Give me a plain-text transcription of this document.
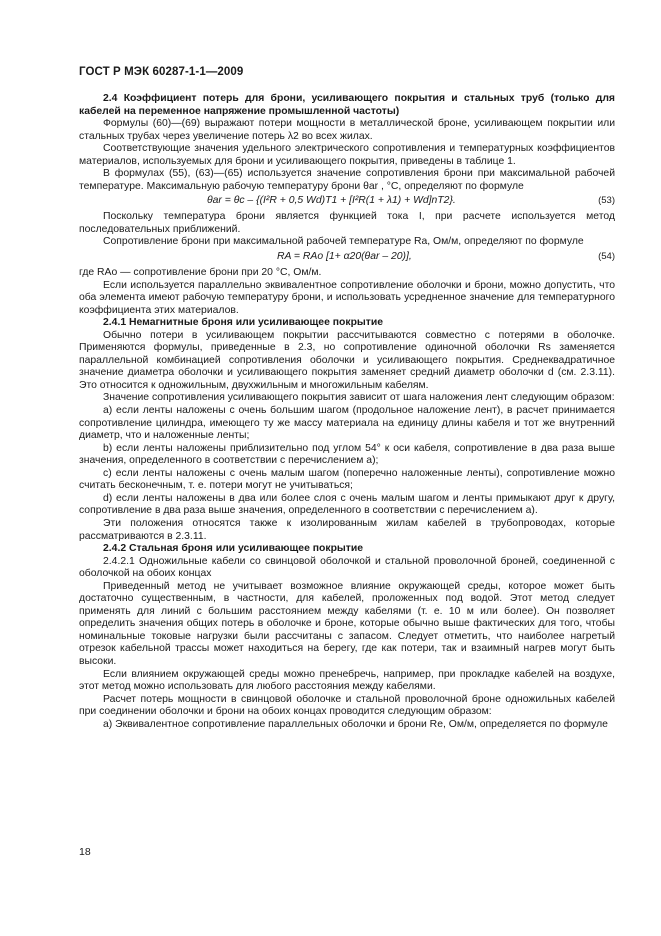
ГОСТ Р МЭК 60287-1-1—2009

2.4 Коэффициент потерь для брони, усиливающего покрытия и стальных труб (только для кабелей на переменное напряжение промышленной частоты)

Формулы (60)—(69) выражают потери мощности в металлической броне, усиливающем покрытии или стальных трубах через увеличение потерь λ2 во всех жилах.

Соответствующие значения удельного электрического сопротивления и температурных коэффициентов материалов, используемых для брони и усиливающего покрытия, приведены в таблице 1.

В формулах (55), (63)—(65) используется значение сопротивления брони при максимальной рабочей температуре. Максимальную рабочую температуру брони θar , °С, определяют по формуле

θar = θc – {(I²R + 0,5 Wd)T1 + [I²R(1 + λ1) + Wd]nT2}.	(53)

Поскольку температура брони является функцией тока I, при расчете используется метод последовательных приближений.

Сопротивление брони при максимальной рабочей температуре Ra, Ом/м, определяют по формуле

RA = RAo [1+ α20(θar – 20)],	(54)

где RAo — сопротивление брони при 20 °С, Ом/м.

Если используется параллельно эквивалентное сопротивление оболочки и брони, можно допустить, что оба элемента имеют рабочую температуру брони, и использовать усредненное значение для температурного коэффициента этих материалов.

2.4.1 Немагнитные броня или усиливающее покрытие

Обычно потери в усиливающем покрытии рассчитываются совместно с потерями в оболочке. Применяются формулы, приведенные в 2.3, но сопротивление одиночной оболочки Rs заменяется параллельной комбинацией сопротивления оболочки и усиливающего покрытия. Среднеквадратичное значение диаметра оболочки и усиливающего покрытия заменяет средний диаметр оболочки d (см. 2.3.11). Это относится к одножильным, двухжильным и многожильным кабелям.

Значение сопротивления усиливающего покрытия зависит от шага наложения лент следующим образом:

а) если ленты наложены с очень большим шагом (продольное наложение лент), в расчет принимается сопротивление цилиндра, имеющего ту же массу материала на единицу длины кабеля и тот же внутренний диаметр, что и наложенные ленты;

b) если ленты наложены приблизительно под углом 54° к оси кабеля, сопротивление в два раза выше значения, определенного в соответствии с перечислением а);

с) если ленты наложены с очень малым шагом (поперечно наложенные ленты), сопротивление можно считать бесконечным, т. е. потери могут не учитываться;

d) если ленты наложены в два или более слоя с очень малым шагом и ленты примыкают друг к другу, сопротивление в два раза выше значения, определенного в соответствии с перечислением а).

Эти положения относятся также к изолированным жилам кабелей в трубопроводах, которые рассматриваются в 2.3.11.

2.4.2 Стальная броня или усиливающее покрытие

2.4.2.1 Одножильные кабели со свинцовой оболочкой и стальной проволочной броней, соединенной с оболочкой на обоих концах

Приведенный метод не учитывает возможное влияние окружающей среды, которое может быть достаточно существенным, в частности, для кабелей, проложенных под водой. Этот метод следует применять для линий с большим расстоянием между кабелями (т. е. 10 м или более). Он позволяет определить значения общих потерь в оболочке и броне, которые обычно выше фактических для того, чтобы номинальные токовые нагрузки были рассчитаны с запасом. Следует отметить, что наиболее нагретый отрезок кабельной трассы может находиться на берегу, где как потери, так и взаимный нагрев могут быть высоки.

Если влиянием окружающей среды можно пренебречь, например, при прокладке кабелей на воздухе, этот метод можно использовать для любого расстояния между кабелями.

Расчет потерь мощности в свинцовой оболочке и стальной проволочной броне одножильных кабелей при соединении оболочки и брони на обоих концах проводится следующим образом:

а) Эквивалентное сопротивление параллельных оболочки и брони Re, Ом/м, определяется по формуле

18
